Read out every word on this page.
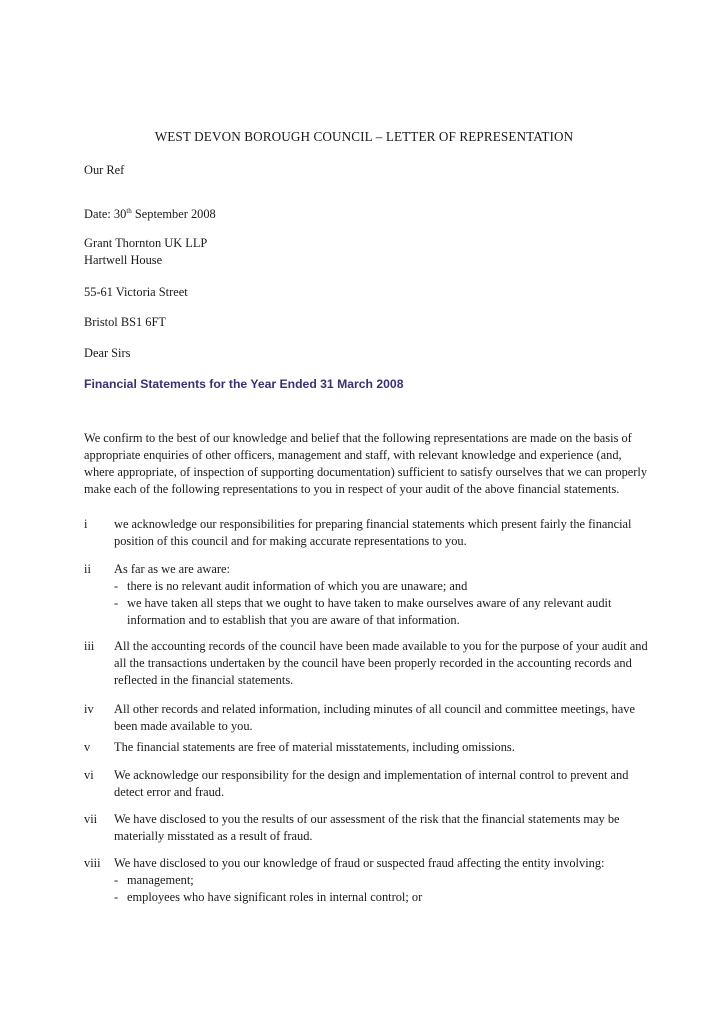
WEST DEVON BOROUGH COUNCIL – LETTER OF REPRESENTATION
Our Ref
Date: 30th September 2008
Grant Thornton UK LLP
Hartwell House
55-61 Victoria Street
Bristol BS1 6FT
Dear Sirs
Financial Statements for the Year Ended 31 March 2008
We confirm to the best of our knowledge and belief that the following representations are made on the basis of appropriate enquiries of other officers, management and staff, with relevant knowledge and experience (and, where appropriate, of inspection of supporting documentation) sufficient to satisfy ourselves that we can properly make each of the following representations to you in respect of your audit of the above financial statements.
i	we acknowledge our responsibilities for preparing financial statements which present fairly the financial position of this council and for making accurate representations to you.
ii	As far as we are aware:
- there is no relevant audit information of which you are unaware; and
- we have taken all steps that we ought to have taken to make ourselves aware of any relevant audit information and to establish that you are aware of that information.
iii	All the accounting records of the council have been made available to you for the purpose of your audit and all the transactions undertaken by the council have been properly recorded in the accounting records and reflected in the financial statements.
iv	All other records and related information, including minutes of all council and committee meetings, have been made available to you.
v	The financial statements are free of material misstatements, including omissions.
vi	We acknowledge our responsibility for the design and implementation of internal control to prevent and detect error and fraud.
vii	We have disclosed to you the results of our assessment of the risk that the financial statements may be materially misstated as a result of fraud.
viii	We have disclosed to you our knowledge of fraud or suspected fraud affecting the entity involving:
- management;
- employees who have significant roles in internal control; or
